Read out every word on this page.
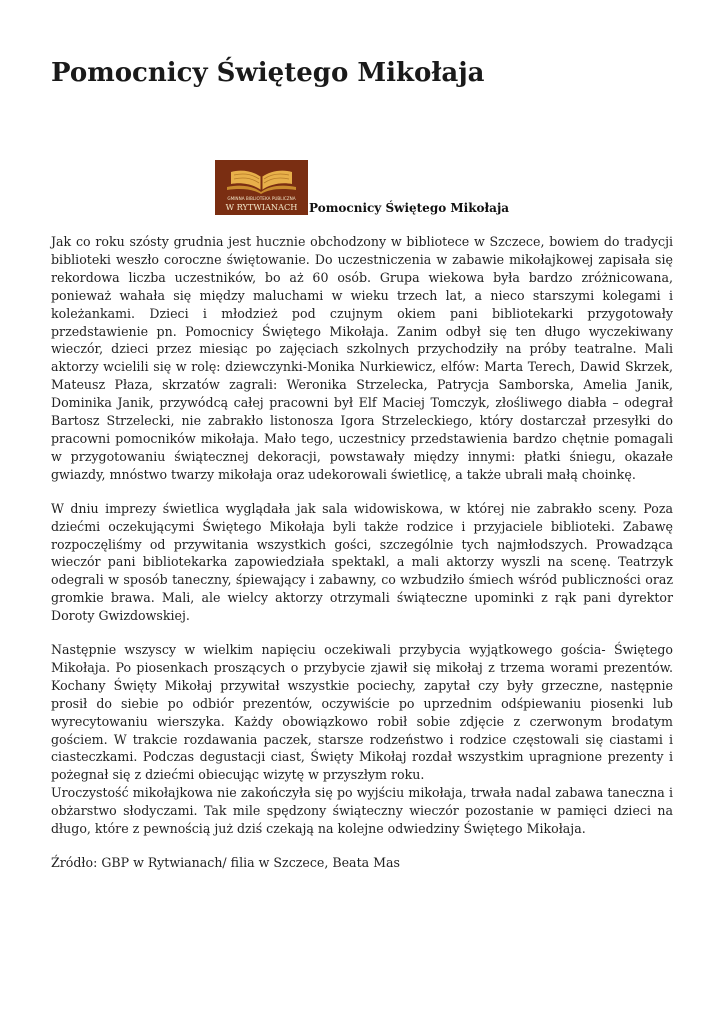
Pomocnicy Świętego Mikołaja
GMINNA BIBLIOTEKA PUBLICZNA
W RYTWIANACH Pomocnicy Świętego Mikołaja

Jak co roku szósty grudnia jest hucznie obchodzony w bibliotece w Szczece, bowiem do tradycji biblioteki weszło coroczne świętowanie. Do uczestniczenia w zabawie mikołajkowej zapisała się rekordowa liczba uczestników, bo aż 60 osób. Grupa wiekowa była bardzo zróżnicowana, ponieważ wahała się między maluchami w wieku trzech lat, a nieco starszymi kolegami i koleżankami. Dzieci i młodzież pod czujnym okiem pani bibliotekarki przygotowały przedstawienie pn. Pomocnicy Świętego Mikołaja. Zanim odbył się ten długo wyczekiwany wieczór, dzieci przez miesiąc po zajęciach szkolnych przychodziły na próby teatralne. Mali aktorzy wcielili się w rolę: dziewczynki-Monika Nurkiewicz, elfów: Marta Terech, Dawid Skrzek, Mateusz Płaza, skrzatów zagrali: Weronika Strzelecka, Patrycja Samborska, Amelia Janik, Dominika Janik, przywódcą całej pracowni był Elf Maciej Tomczyk, złośliwego diabła – odegrał Bartosz Strzelecki, nie zabrakło listonosza Igora Strzeleckiego, który dostarczał przesyłki do pracowni pomocników mikołaja. Mało tego, uczestnicy przedstawienia bardzo chętnie pomagali w przygotowaniu świątecznej dekoracji, powstawały między innymi: płatki śniegu, okazałe gwiazdy, mnóstwo twarzy mikołaja oraz udekorowali świetlicę, a także ubrali małą choinkę.

W dniu imprezy świetlica wyglądała jak sala widowiskowa, w której nie zabrakło sceny. Poza dziećmi oczekującymi Świętego Mikołaja byli także rodzice i przyjaciele biblioteki. Zabawę rozpoczęliśmy od przywitania wszystkich gości, szczególnie tych najmłodszych. Prowadząca wieczór pani bibliotekarka zapowiedziała spektakl, a mali aktorzy wyszli na scenę. Teatrzyk odegrali w sposób taneczny, śpiewający i zabawny, co wzbudziło śmiech wśród publiczności oraz gromkie brawa. Mali, ale wielcy aktorzy otrzymali świąteczne upominki z rąk pani dyrektor Doroty Gwizdowskiej.

Następnie wszyscy w wielkim napięciu oczekiwali przybycia wyjątkowego gościa- Świętego Mikołaja. Po piosenkach proszących o przybycie zjawił się mikołaj z trzema worami prezentów. Kochany Święty Mikołaj przywitał wszystkie pociechy, zapytał czy były grzeczne, następnie prosił do siebie po odbiór prezentów, oczywiście po uprzednim odśpiewaniu piosenki lub wyrecytowaniu wierszyka. Każdy obowiązkowo robił sobie zdjęcie z czerwonym brodatym gościem. W trakcie rozdawania paczek, starsze rodzeństwo i rodzice częstowali się ciastami i ciasteczkami. Podczas degustacji ciast, Święty Mikołaj rozdał wszystkim upragnione prezenty i pożegnał się z dziećmi obiecując wizytę w przyszłym roku.

Uroczystość mikołajkowa nie zakończyła się po wyjściu mikołaja, trwała nadal zabawa taneczna i obżarstwo słodyczami. Tak mile spędzony świąteczny wieczór pozostanie w pamięci dzieci na długo, które z pewnością już dziś czekają na kolejne odwiedziny Świętego Mikołaja.

Źródło: GBP w Rytwianach/ filia w Szczece, Beata Mas
